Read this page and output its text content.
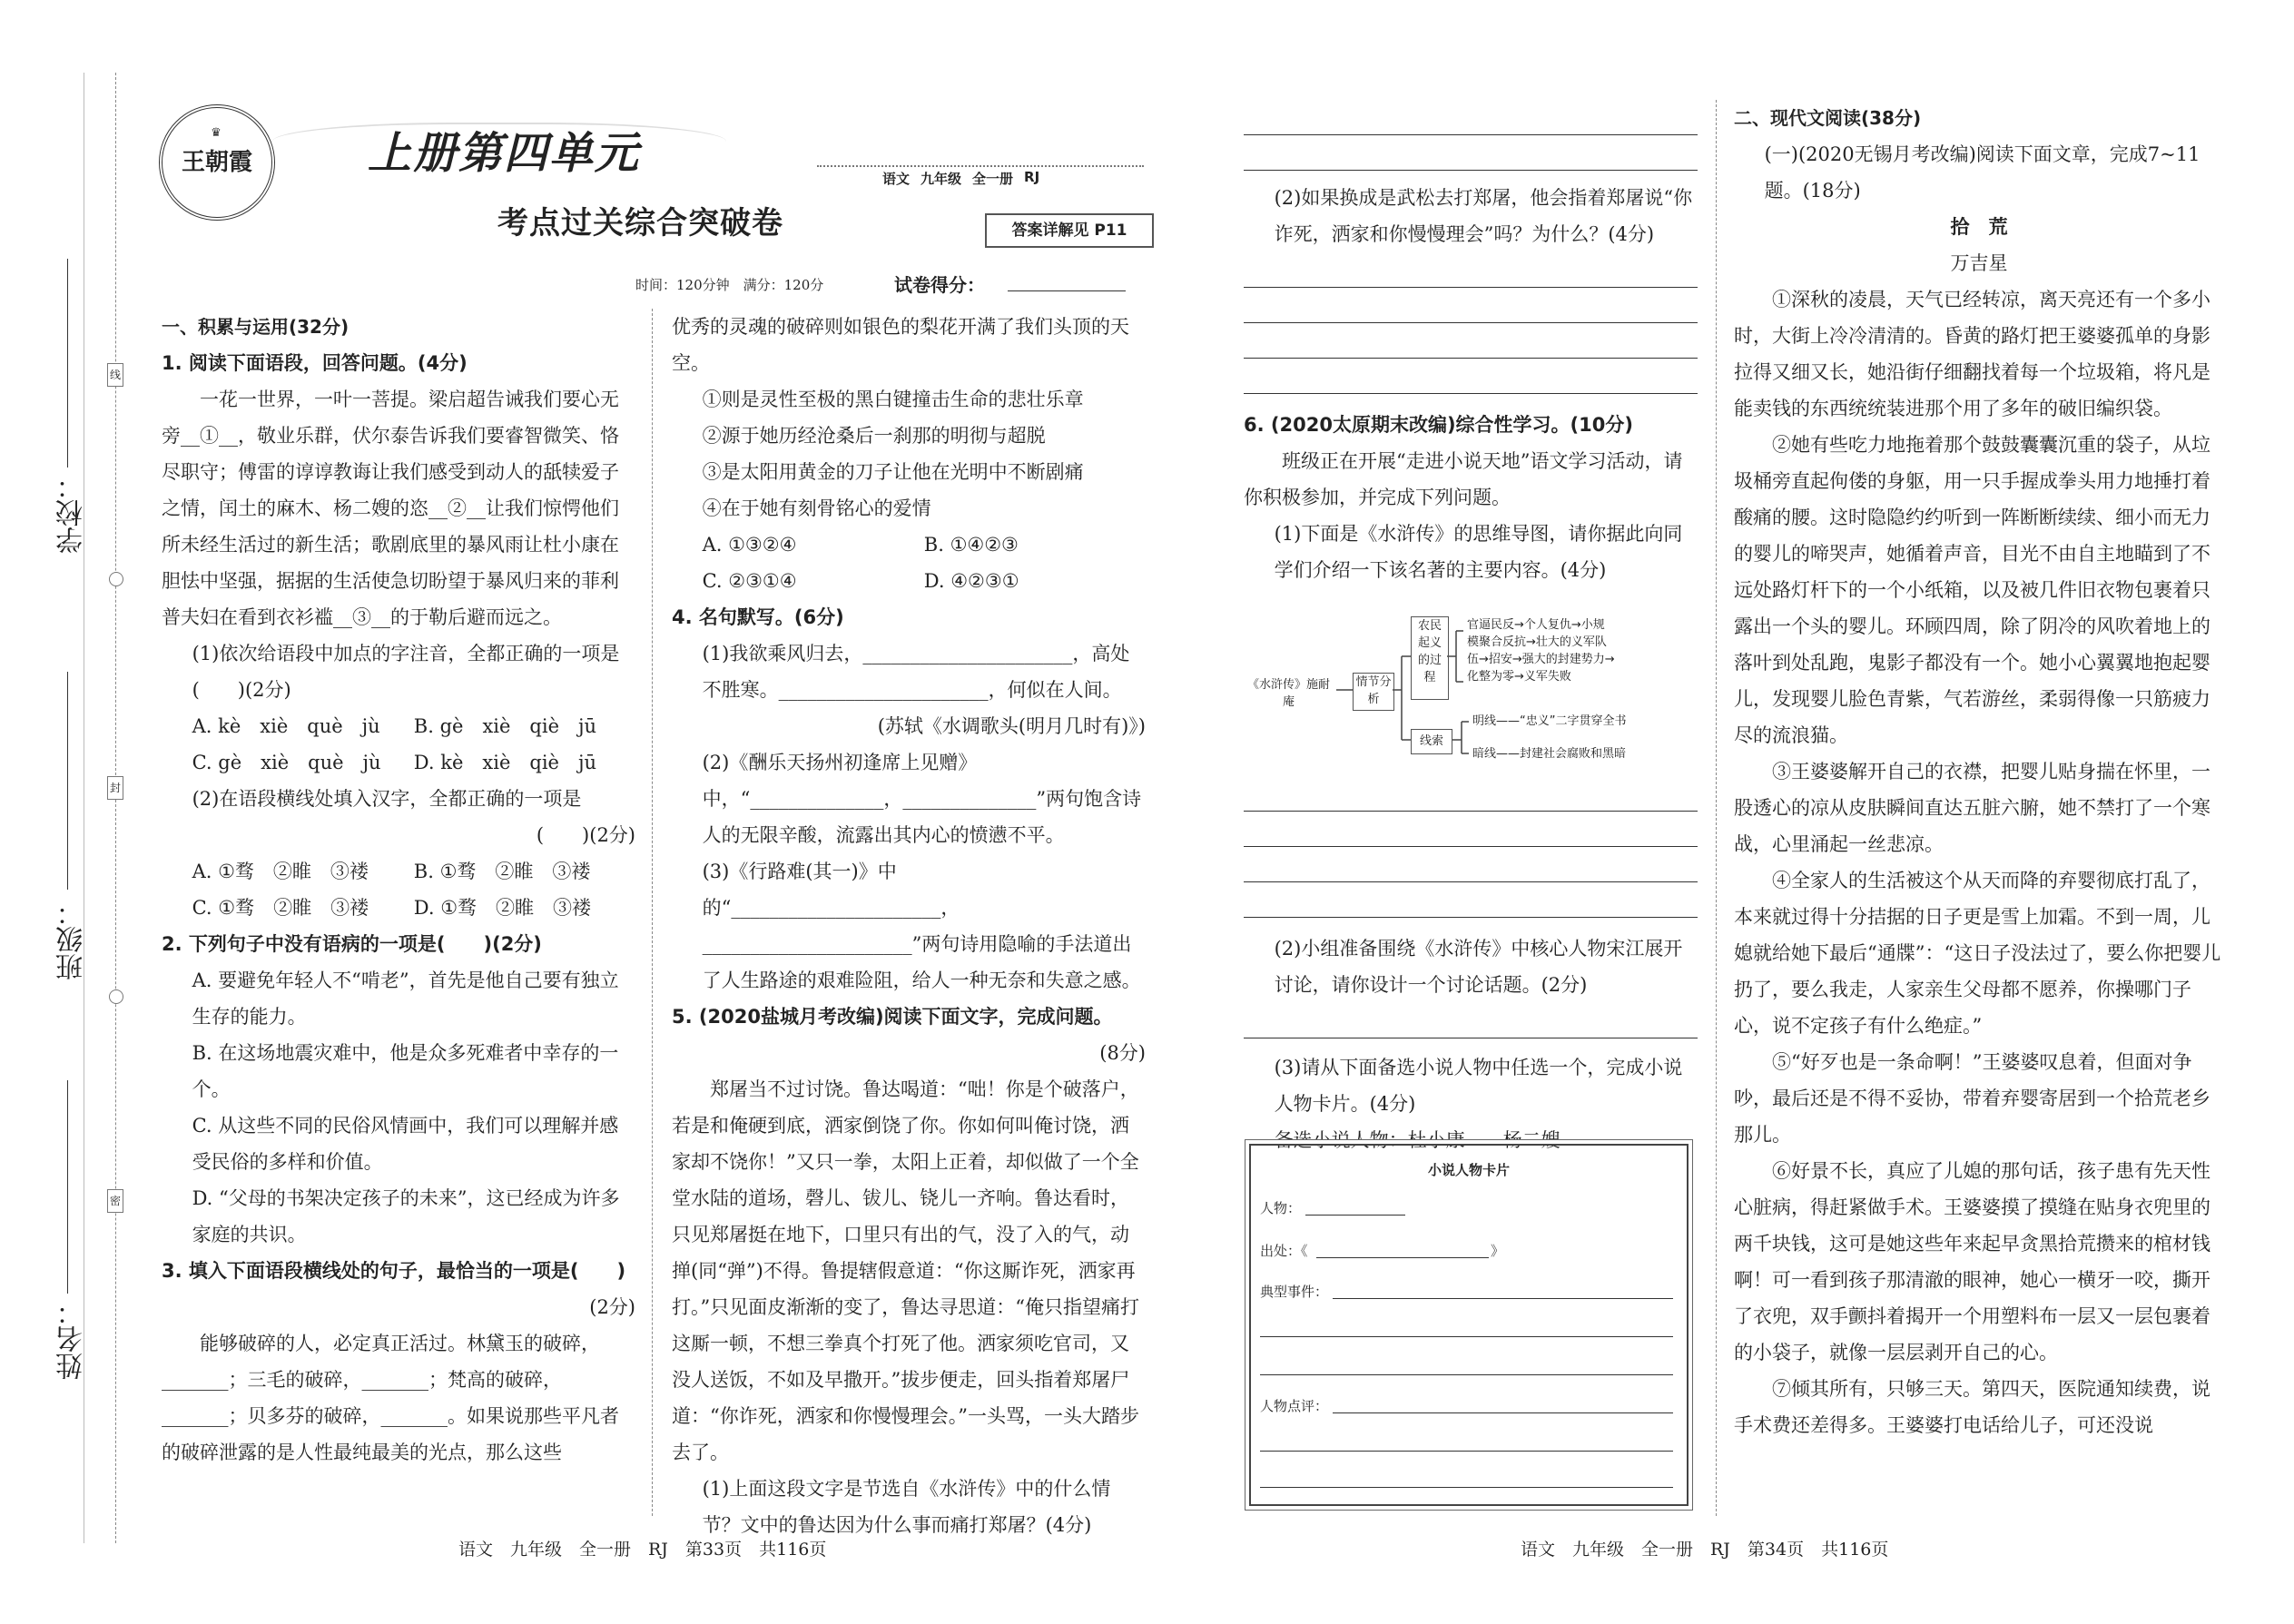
学校：
班级：
姓名：
线
封
密
♛
王朝霞	上册第四单元
考点过关综合突破卷
语文 九年级 全一册 RJ
答案详解见 P11
时间：120分钟　满分：120分	试卷得分：

一、积累与运用(32分)

1. 阅读下面语段，回答问题。(4分)

一花一世界，一叶一菩提。梁启超告诫我们要心无旁__①__，敬业乐群，伏尔泰告诉我们要睿智微笑、恪尽职守；傅雷的谆谆教诲让我们感受到动人的舐犊爱子之情，闰土的麻木、杨二嫂的恣__②__让我们惊愕他们所未经生活过的新生活；歌剧底里的暴风雨让杜小康在胆怯中坚强，据据的生活使急切盼望于暴风归来的菲利普夫妇在看到衣衫褴__③__的于勒后避而远之。

(1)依次给语段中加点的字注音，全都正确的一项是(　　)(2分)

A. kè　xiè　què　jù	B. gè　xiè　qiè　jū
C. gè　xiè　què　jù	D. kè　xiè　qiè　jū

(2)在语段横线处填入汉字，全都正确的一项是

(　　)(2分)

A. ①骛　②睢　③褛	B. ①骛　②睢　③褛
C. ①骛　②睢　③褛	D. ①骛　②睢　③褛

2. 下列句子中没有语病的一项是(　　)(2分)

A. 要避免年轻人不“啃老”，首先是他自己要有独立生存的能力。

B. 在这场地震灾难中，他是众多死难者中幸存的一个。

C. 从这些不同的民俗风情画中，我们可以理解并感受民俗的多样和价值。

D. “父母的书架决定孩子的未来”，这已经成为许多家庭的共识。

3. 填入下面语段横线处的句子，最恰当的一项是(　　)

(2分)

能够破碎的人，必定真正活过。林黛玉的破碎，_______；三毛的破碎，_______；梵高的破碎，_______；贝多芬的破碎，_______。如果说那些平凡者的破碎泄露的是人性最纯最美的光点，那么这些

优秀的灵魂的破碎则如银色的梨花开满了我们头顶的天空。

①则是灵性至极的黑白键撞击生命的悲壮乐章

②源于她历经沧桑后一刹那的明彻与超脱

③是太阳用黄金的刀子让他在光明中不断剧痛

④在于她有刻骨铭心的爱情

A. ①③②④	B. ①④②③
C. ②③①④	D. ④②③①

4. 名句默写。(6分)

(1)我欲乘风归去，______________________，高处不胜寒。______________________，何似在人间。

(苏轼《水调歌头(明月几时有)》)

(2)《酬乐天扬州初逢席上见赠》中，“______________，______________”两句饱含诗人的无限辛酸，流露出其内心的愤懑不平。

(3)《行路难(其一)》中的“______________________，______________________”两句诗用隐喻的手法道出了人生路途的艰难险阻，给人一种无奈和失意之感。

5. (2020盐城月考改编)阅读下面文字，完成问题。

(8分)

郑屠当不过讨饶。鲁达喝道：“咄！你是个破落户，若是和俺硬到底，洒家倒饶了你。你如何叫俺讨饶，洒家却不饶你！”又只一拳，太阳上正着，却似做了一个全堂水陆的道场，磬儿、钹儿、铙儿一齐响。鲁达看时，只见郑屠挺在地下，口里只有出的气，没了入的气，动掸(同“弹”)不得。鲁提辖假意道：“你这厮诈死，洒家再打。”只见面皮渐渐的变了，鲁达寻思道：“俺只指望痛打这厮一顿，不想三拳真个打死了他。洒家须吃官司，又没人送饭，不如及早撒开。”拔步便走，回头指着郑屠尸道：“你诈死，洒家和你慢慢理会。”一头骂，一头大踏步去了。

(1)上面这段文字是节选自《水浒传》中的什么情节？文中的鲁达因为什么事而痛打郑屠？(4分)

(2)如果换成是武松去打郑屠，他会指着郑屠说“你诈死，洒家和你慢慢理会”吗？为什么？(4分)

6. (2020太原期末改编)综合性学习。(10分)

班级正在开展“走进小说天地”语文学习活动，请你积极参加，并完成下列问题。

(1)下面是《水浒传》的思维导图，请你据此向同学们介绍一下该名著的主要内容。(4分)

《水浒传》施耐庵
情节分析
农民起义的过程
官逼民反→个人复仇→小规
模聚合反抗→壮大的义军队
伍→招安→强大的封建势力→
化整为零→义军失败
线索
明线——“忠义”二字贯穿全书
暗线——封建社会腐败和黑暗

(2)小组准备围绕《水浒传》中核心人物宋江展开讨论，请你设计一个讨论话题。(2分)

(3)请从下面备选小说人物中任选一个，完成小说人物卡片。(4分)

备选小说人物：杜小康　　杨二嫂

小说人物卡片
人物：
出处：《	》
典型事件：
人物点评：

二、现代文阅读(38分)

(一)(2020无锡月考改编)阅读下面文章，完成7~11题。(18分)

拾　荒

万吉星

①深秋的凌晨，天气已经转凉，离天亮还有一个多小时，大街上冷冷清清的。昏黄的路灯把王婆婆孤单的身影拉得又细又长，她沿街仔细翻找着每一个垃圾箱，将凡是能卖钱的东西统统装进那个用了多年的破旧编织袋。

②她有些吃力地拖着那个鼓鼓囊囊沉重的袋子，从垃圾桶旁直起佝偻的身躯，用一只手握成拳头用力地捶打着酸痛的腰。这时隐隐约约听到一阵断断续续、细小而无力的婴儿的啼哭声，她循着声音，目光不由自主地瞄到了不远处路灯杆下的一个小纸箱，以及被几件旧衣物包裹着只露出一个头的婴儿。环顾四周，除了阴冷的风吹着地上的落叶到处乱跑，鬼影子都没有一个。她小心翼翼地抱起婴儿，发现婴儿脸色青紫，气若游丝，柔弱得像一只筋疲力尽的流浪猫。

③王婆婆解开自己的衣襟，把婴儿贴身揣在怀里，一股透心的凉从皮肤瞬间直达五脏六腑，她不禁打了一个寒战，心里涌起一丝悲凉。

④全家人的生活被这个从天而降的弃婴彻底打乱了，本来就过得十分拮据的日子更是雪上加霜。不到一周，儿媳就给她下最后“通牒”：“这日子没法过了，要么你把婴儿扔了，要么我走，人家亲生父母都不愿养，你操哪门子心，说不定孩子有什么绝症。”

⑤“好歹也是一条命啊！”王婆婆叹息着，但面对争吵，最后还是不得不妥协，带着弃婴寄居到一个拾荒老乡那儿。

⑥好景不长，真应了儿媳的那句话，孩子患有先天性心脏病，得赶紧做手术。王婆婆摸了摸缝在贴身衣兜里的两千块钱，这可是她这些年来起早贪黑拾荒攒来的棺材钱啊！可一看到孩子那清澈的眼神，她心一横牙一咬，撕开了衣兜，双手颤抖着揭开一个用塑料布一层又一层包裹着的小袋子，就像一层层剥开自己的心。

⑦倾其所有，只够三天。第四天，医院通知续费，说手术费还差得多。王婆婆打电话给儿子，可还没说

语文　九年级　全一册　RJ　第33页　共116页	语文　九年级　全一册　RJ　第34页　共116页
